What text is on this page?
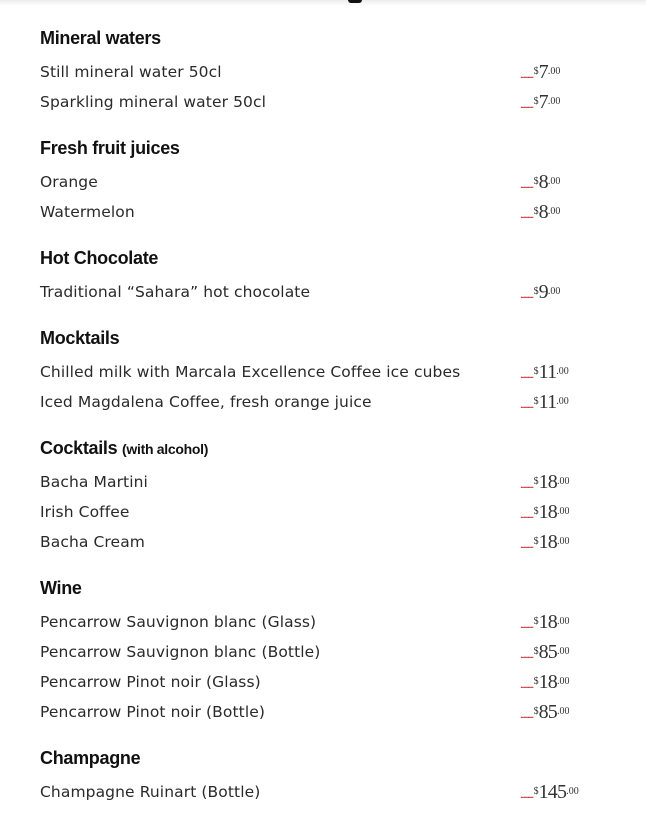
Mineral waters
Still mineral water 50cl	......... $ 7 .00
Sparkling mineral water 50cl	......... $ 7 .00
Fresh fruit juices
Orange	......... $ 8 .00
Watermelon	......... $ 8 .00
Hot Chocolate
Traditional “Sahara” hot chocolate	......... $ 9 .00
Mocktails
Chilled milk with Marcala Excellence Coffee ice cubes	......... $ 11 .00
Iced Magdalena Coffee, fresh orange juice	......... $ 11 .00
Cocktails (with alcohol)
Bacha Martini	......... $ 18 .00
Irish Coffee	......... $ 18 .00
Bacha Cream	......... $ 18 .00
Wine
Pencarrow Sauvignon blanc (Glass)	......... $ 18 .00
Pencarrow Sauvignon blanc (Bottle)	......... $ 85 .00
Pencarrow Pinot noir (Glass)	......... $ 18 .00
Pencarrow Pinot noir (Bottle)	......... $ 85 .00
Champagne
Champagne Ruinart (Bottle)	......... $ 145 .00
